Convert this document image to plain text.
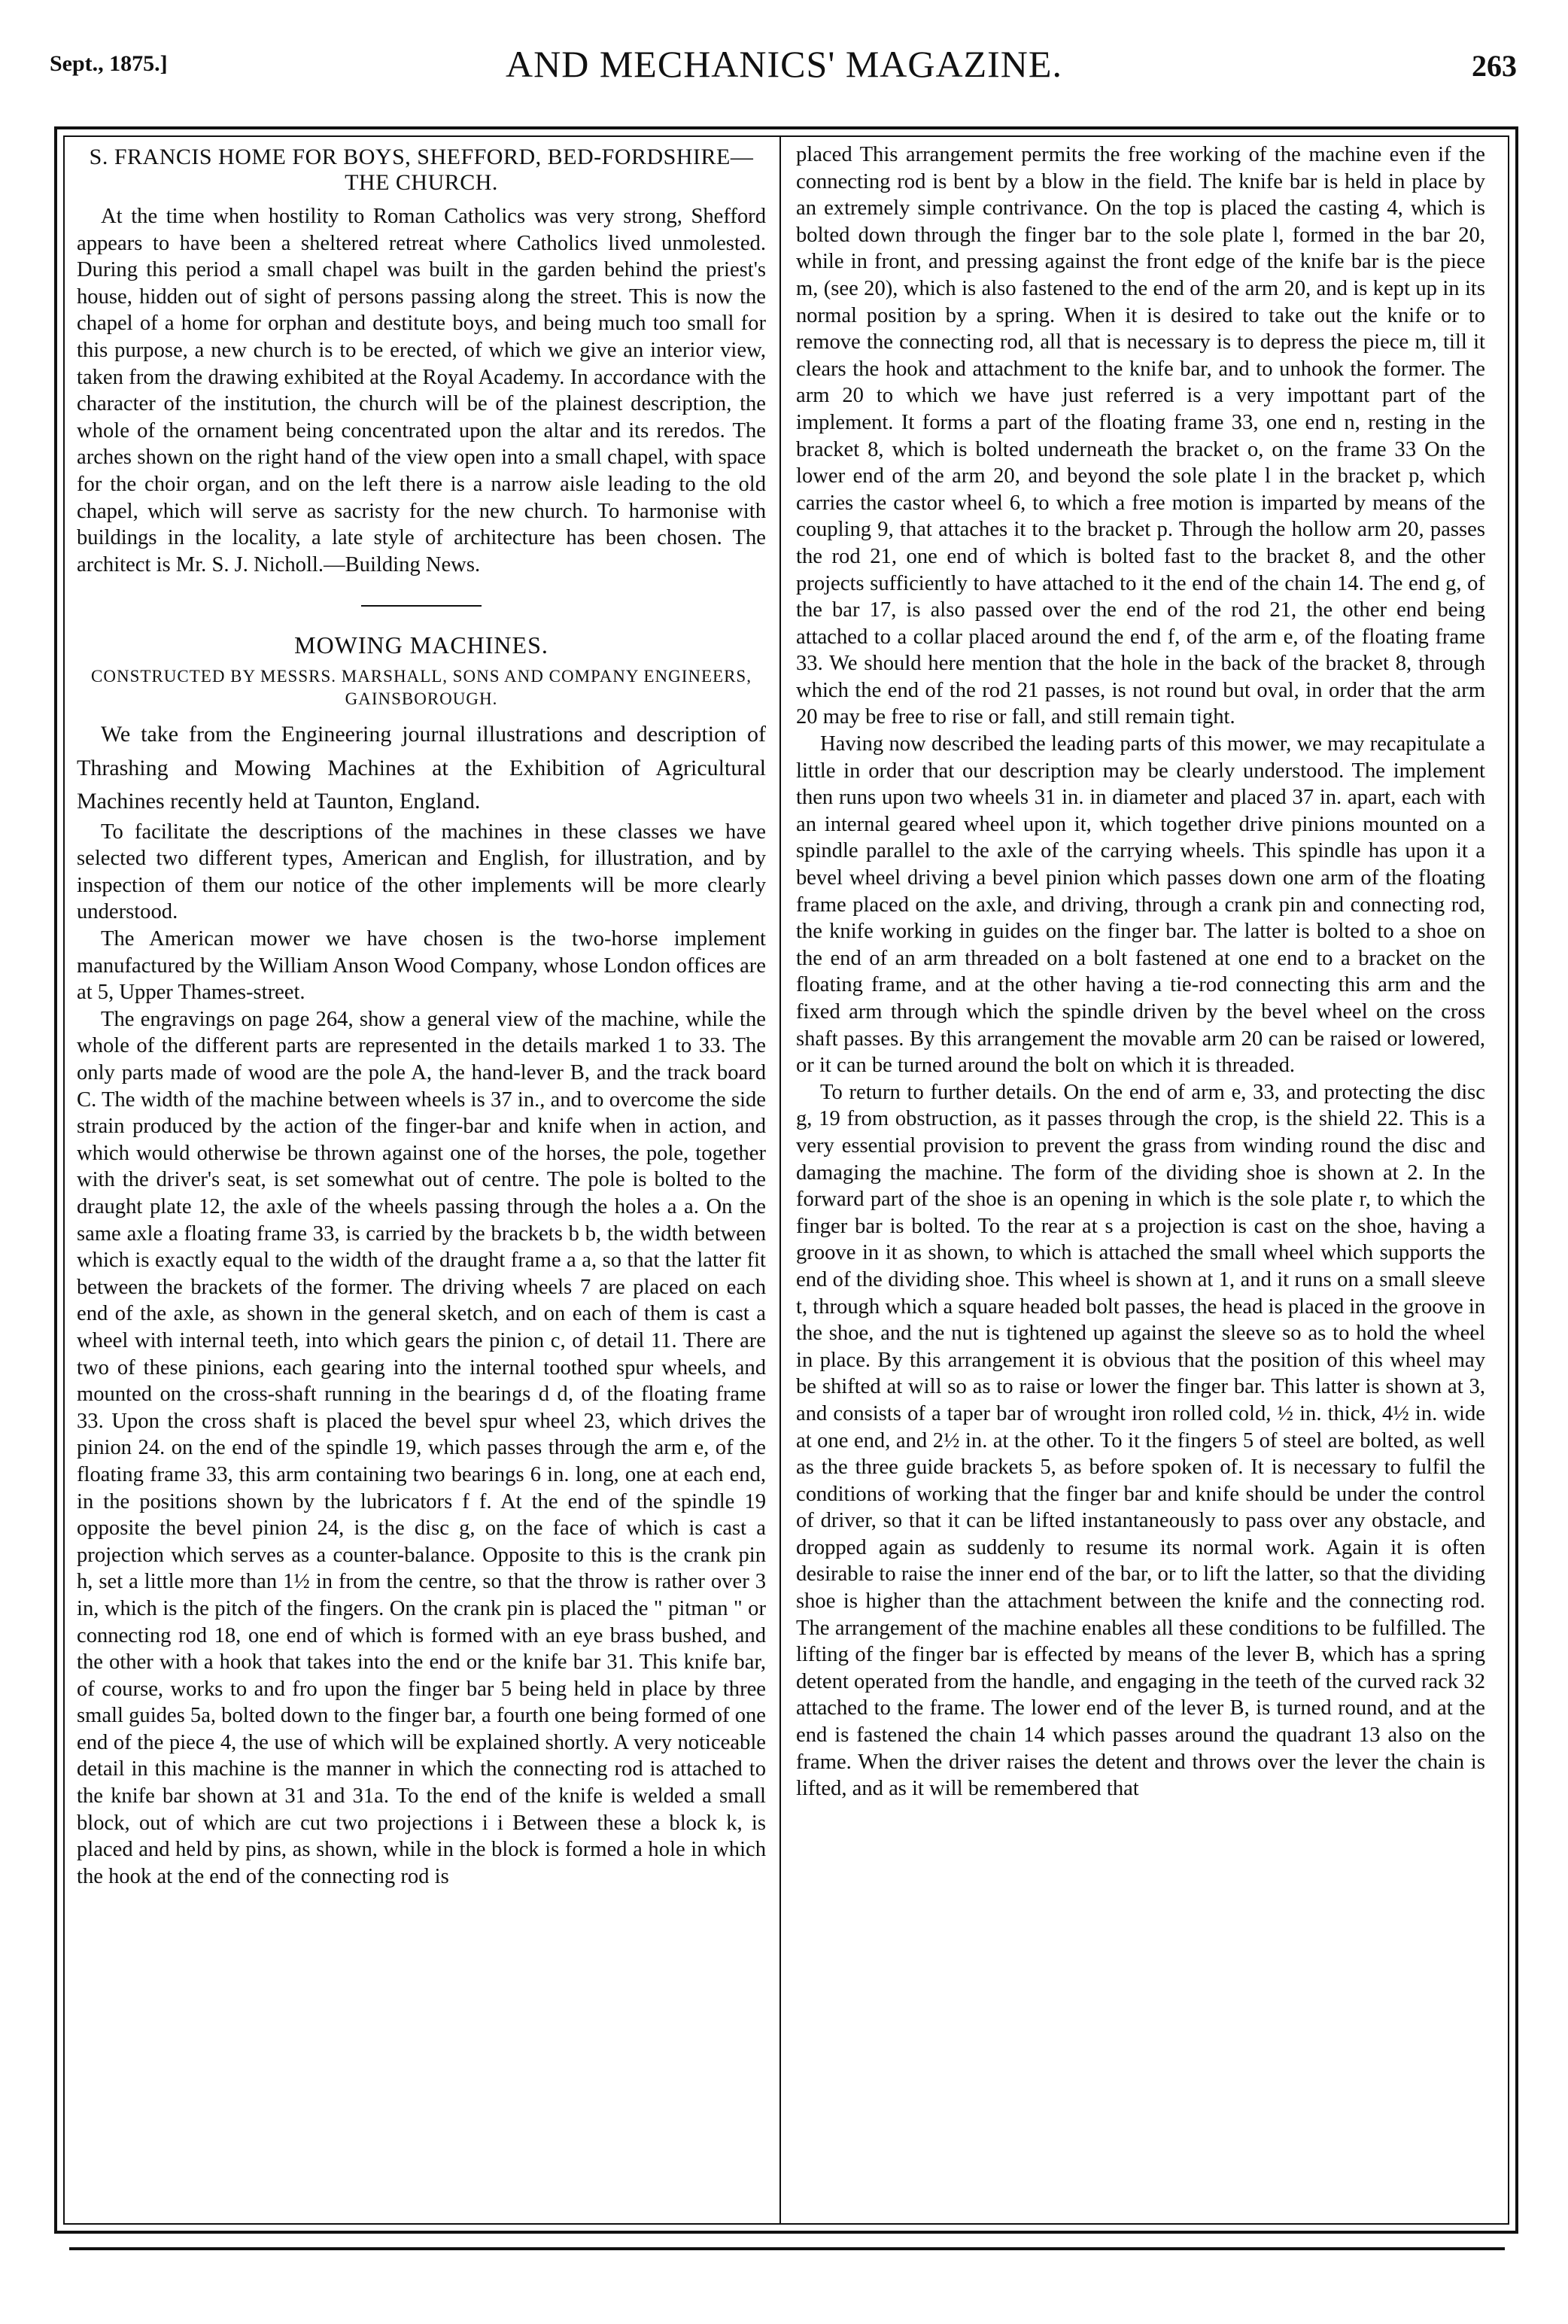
Sept., 1875.]	AND MECHANICS' MAGAZINE.	263
S. FRANCIS HOME FOR BOYS, SHEFFORD, BED-FORDSHIRE—THE CHURCH.

At the time when hostility to Roman Catholics was very strong, Shefford appears to have been a sheltered retreat where Catholics lived unmolested. During this period a small chapel was built in the garden behind the priest's house, hidden out of sight of persons passing along the street. This is now the chapel of a home for orphan and destitute boys, and being much too small for this purpose, a new church is to be erected, of which we give an interior view, taken from the drawing exhibited at the Royal Academy. In accordance with the character of the institution, the church will be of the plainest description, the whole of the ornament being concentrated upon the altar and its reredos. The arches shown on the right hand of the view open into a small chapel, with space for the choir organ, and on the left there is a narrow aisle leading to the old chapel, which will serve as sacristy for the new church. To harmonise with buildings in the locality, a late style of architecture has been chosen. The architect is Mr. S. J. Nicholl.—Building News.

MOWING MACHINES.
CONSTRUCTED BY MESSRS. MARSHALL, SONS AND COMPANY ENGINEERS, GAINSBOROUGH.

We take from the Engineering journal illustrations and description of Thrashing and Mowing Machines at the Exhibition of Agricultural Machines recently held at Taunton, England.

To facilitate the descriptions of the machines in these classes we have selected two different types, American and English, for illustration, and by inspection of them our notice of the other implements will be more clearly understood.

The American mower we have chosen is the two-horse implement manufactured by the William Anson Wood Company, whose London offices are at 5, Upper Thames-street.

The engravings on page 264, show a general view of the machine, while the whole of the different parts are represented in the details marked 1 to 33. The only parts made of wood are the pole A, the hand-lever B, and the track board C. The width of the machine between wheels is 37 in., and to overcome the side strain produced by the action of the finger-bar and knife when in action, and which would otherwise be thrown against one of the horses, the pole, together with the driver's seat, is set somewhat out of centre. The pole is bolted to the draught plate 12, the axle of the wheels passing through the holes a a. On the same axle a floating frame 33, is carried by the brackets b b, the width between which is exactly equal to the width of the draught frame a a, so that the latter fit between the brackets of the former. The driving wheels 7 are placed on each end of the axle, as shown in the general sketch, and on each of them is cast a wheel with internal teeth, into which gears the pinion c, of detail 11. There are two of these pinions, each gearing into the internal toothed spur wheels, and mounted on the cross-shaft running in the bearings d d, of the floating frame 33. Upon the cross shaft is placed the bevel spur wheel 23, which drives the pinion 24. on the end of the spindle 19, which passes through the arm e, of the floating frame 33, this arm containing two bearings 6 in. long, one at each end, in the positions shown by the lubricators f f. At the end of the spindle 19 opposite the bevel pinion 24, is the disc g, on the face of which is cast a projection which serves as a counter-balance. Opposite to this is the crank pin h, set a little more than 1½ in from the centre, so that the throw is rather over 3 in, which is the pitch of the fingers. On the crank pin is placed the " pitman " or connecting rod 18, one end of which is formed with an eye brass bushed, and the other with a hook that takes into the end or the knife bar 31. This knife bar, of course, works to and fro upon the finger bar 5 being held in place by three small guides 5a, bolted down to the finger bar, a fourth one being formed of one end of the piece 4, the use of which will be explained shortly. A very noticeable detail in this machine is the manner in which the connecting rod is attached to the knife bar shown at 31 and 31a. To the end of the knife is welded a small block, out of which are cut two projections i i Between these a block k, is placed and held by pins, as shown, while in the block is formed a hole in which the hook at the end of the connecting rod is

placed This arrangement permits the free working of the machine even if the connecting rod is bent by a blow in the field. The knife bar is held in place by an extremely simple contrivance. On the top is placed the casting 4, which is bolted down through the finger bar to the sole plate l, formed in the bar 20, while in front, and pressing against the front edge of the knife bar is the piece m, (see 20), which is also fastened to the end of the arm 20, and is kept up in its normal position by a spring. When it is desired to take out the knife or to remove the connecting rod, all that is necessary is to depress the piece m, till it clears the hook and attachment to the knife bar, and to unhook the former. The arm 20 to which we have just referred is a very impottant part of the implement. It forms a part of the floating frame 33, one end n, resting in the bracket 8, which is bolted underneath the bracket o, on the frame 33 On the lower end of the arm 20, and beyond the sole plate l in the bracket p, which carries the castor wheel 6, to which a free motion is imparted by means of the coupling 9, that attaches it to the bracket p. Through the hollow arm 20, passes the rod 21, one end of which is bolted fast to the bracket 8, and the other projects sufficiently to have attached to it the end of the chain 14. The end g, of the bar 17, is also passed over the end of the rod 21, the other end being attached to a collar placed around the end f, of the arm e, of the floating frame 33. We should here mention that the hole in the back of the bracket 8, through which the end of the rod 21 passes, is not round but oval, in order that the arm 20 may be free to rise or fall, and still remain tight.

Having now described the leading parts of this mower, we may recapitulate a little in order that our description may be clearly understood. The implement then runs upon two wheels 31 in. in diameter and placed 37 in. apart, each with an internal geared wheel upon it, which together drive pinions mounted on a spindle parallel to the axle of the carrying wheels. This spindle has upon it a bevel wheel driving a bevel pinion which passes down one arm of the floating frame placed on the axle, and driving, through a crank pin and connecting rod, the knife working in guides on the finger bar. The latter is bolted to a shoe on the end of an arm threaded on a bolt fastened at one end to a bracket on the floating frame, and at the other having a tie-rod connecting this arm and the fixed arm through which the spindle driven by the bevel wheel on the cross shaft passes. By this arrangement the movable arm 20 can be raised or lowered, or it can be turned around the bolt on which it is threaded.

To return to further details. On the end of arm e, 33, and protecting the disc g, 19 from obstruction, as it passes through the crop, is the shield 22. This is a very essential provision to prevent the grass from winding round the disc and damaging the machine. The form of the dividing shoe is shown at 2. In the forward part of the shoe is an opening in which is the sole plate r, to which the finger bar is bolted. To the rear at s a projection is cast on the shoe, having a groove in it as shown, to which is attached the small wheel which supports the end of the dividing shoe. This wheel is shown at 1, and it runs on a small sleeve t, through which a square headed bolt passes, the head is placed in the groove in the shoe, and the nut is tightened up against the sleeve so as to hold the wheel in place. By this arrangement it is obvious that the position of this wheel may be shifted at will so as to raise or lower the finger bar. This latter is shown at 3, and consists of a taper bar of wrought iron rolled cold, ½ in. thick, 4½ in. wide at one end, and 2½ in. at the other. To it the fingers 5 of steel are bolted, as well as the three guide brackets 5, as before spoken of. It is necessary to fulfil the conditions of working that the finger bar and knife should be under the control of driver, so that it can be lifted instantaneously to pass over any obstacle, and dropped again as suddenly to resume its normal work. Again it is often desirable to raise the inner end of the bar, or to lift the latter, so that the dividing shoe is higher than the attachment between the knife and the connecting rod. The arrangement of the machine enables all these conditions to be fulfilled. The lifting of the finger bar is effected by means of the lever B, which has a spring detent operated from the handle, and engaging in the teeth of the curved rack 32 attached to the frame. The lower end of the lever B, is turned round, and at the end is fastened the chain 14 which passes around the quadrant 13 also on the frame. When the driver raises the detent and throws over the lever the chain is lifted, and as it will be remembered that
